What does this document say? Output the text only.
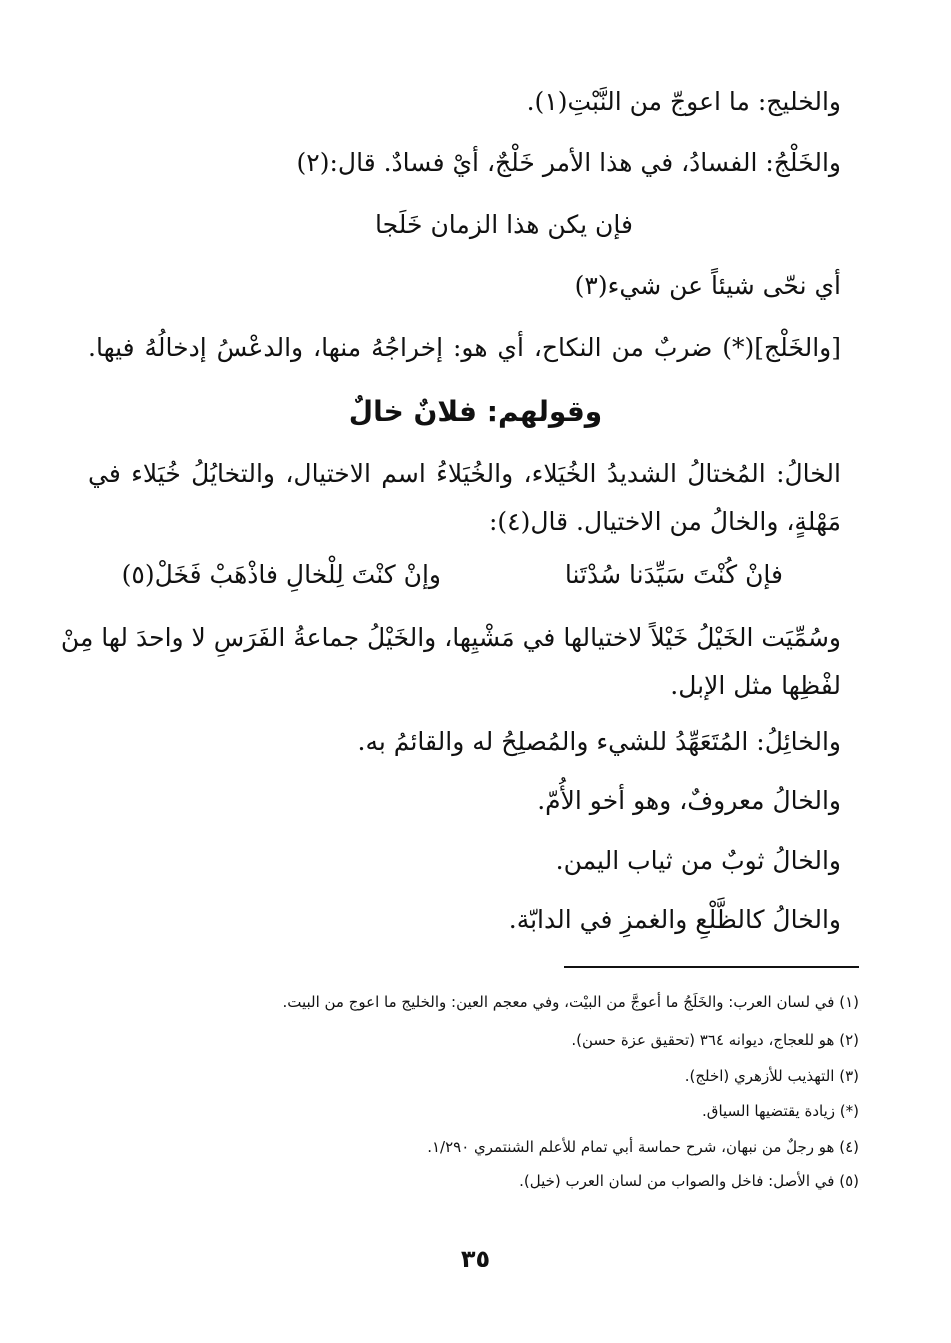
والخليج: ما اعوجّ من النَّبْتِ(١).
والخَلْجُ: الفسادُ، في هذا الأمر خَلْجٌ، أيْ فسادٌ. قال:(٢)
فإن يكن هذا الزمان خَلَجا
أي نحّى شيئاً عن شيء(٣)
[والخَلْج](*) ضربٌ من النكاح، أي هو: إخراجُهُ منها، والدعْسُ إدخالُهُ فيها.
وقولهم: فلانٌ خالٌ
الخالُ: المُختالُ الشديدُ الخُيَلاء، والخُيَلاءُ اسم الاختيال، والتخايُلُ خُيَلاء في
مَهْلةٍ، والخالُ من الاختيال. قال(٤):
فإنْ كُنْتَ سَيِّدَنا سُدْتَنا
وإنْ كنْتَ لِلْخالِ فاذْهَبْ فَخَلْ(٥)
وسُمِّيَت الخَيْلُ خَيْلاً لاختيالها في مَشْيِها، والخَيْلُ جماعةُ الفَرَسِ لا واحدَ لها مِنْ
لفْظِها مثل الإبل.
والخائِلُ: المُتَعَهِّدُ للشيء والمُصلِحُ له والقائمُ به.
والخالُ معروفٌ، وهو أخو الأُمّ.
والخالُ ثوبٌ من ثياب اليمن.
والخالُ كالظَّلْعِ والغمزِ في الدابّة.
(١) في لسان العرب: والخَلَجُ ما أعوجَّ من البيْت، وفي معجم العين: والخليج ما اعوج من البيت.
(٢) هو للعجاج، ديوانه ٣٦٤ (تحقيق عزة حسن).
(٣) التهذيب للأزهري (اخلج).
(*) زيادة يقتضيها السياق.
(٤) هو رجلٌ من نبهان، شرح حماسة أبي تمام للأعلم الشنتمري ١/٢٩٠.
(٥) في الأصل: فاخل والصواب من لسان العرب (خيل).
٣٥
